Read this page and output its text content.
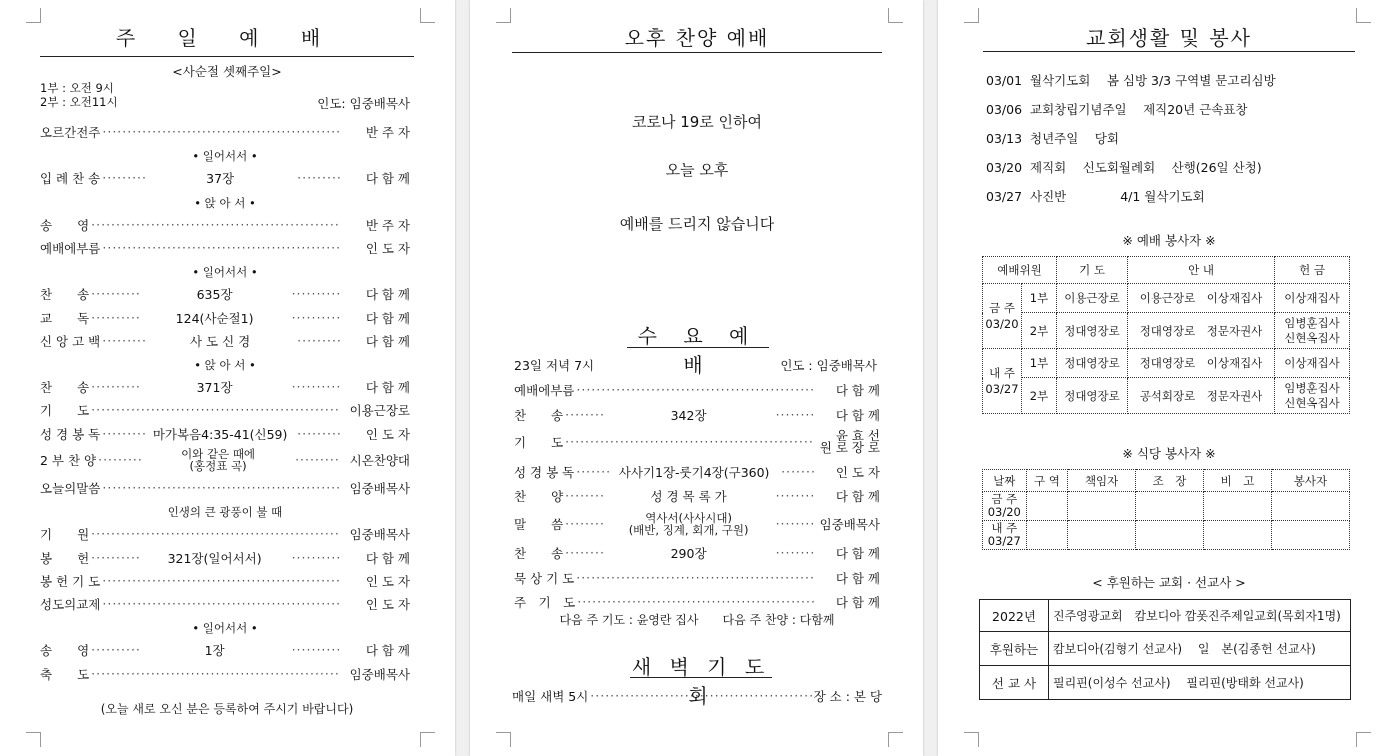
주 일 예 배
<사순절 셋째주일>
1부 : 오전 9시
2부 : 오전11시	인도: 임중배목사
오르간전주 ·····	반 주 자
• 일어서서 •
입 례 찬 송 ·····	37장 ·····	다 함 께
• 앉 아 서 •
송　　영 ·····	반 주 자
예배에부름 ·····	인 도 자
• 일어서서 •
찬　　송 ·····	635장 ·····	다 함 께
교　　독 ·····	124(사순절1) ·····	다 함 께
신 앙 고 백 ·····	사 도 신 경 ·····	다 함 께
• 앉 아 서 •
찬　　송 ·····	371장 ·····	다 함 께
기　　도 ·····	이용근장로
성 경 봉 독 ·····	마가복음4:35-41(신59) ·····	인 도 자
2 부 찬 양 ·····	이와 같은 때에
(홍정표 곡) ·····	시온찬양대
오늘의말씀 ·····	임중배목사
인생의 큰 광풍이 불 때
기　　원 ·····	임중배목사
봉　　헌 ·····	321장(일어서서) ·····	다 함 께
봉 헌 기 도 ·····	인 도 자
성도의교제 ·····	인 도 자
• 일어서서 •
송　　영 ·····	1장 ·····	다 함 께
축　　도 ·····	임중배목사
(오늘 새로 오신 분은 등록하여 주시기 바랍니다)
오후 찬양 예배
코로나 19로 인하여
오늘 오후
예배를 드리지 않습니다
수 요 예 배
23일 저녁 7시	인도 : 임중배목사
예배에부름 ·····	다 함 께
찬　　송 ·····	342장 ·····	다 함 께
기　　도 ·····	윤 효 선
원 로 장 로
성 경 봉 독 ·····	사사기1장-룻기4장(구360) ·····	인 도 자
찬　　양 ·····	성 경 목 록 가 ·····	다 함 께
말　　씀 ·····	역사서(사사시대)
(배반, 징계, 회개, 구원) ·····	임중배목사
찬　　송 ·····	290장 ·····	다 함 께
묵 상 기 도 ·····	다 함 께
주　기　도 ·····	다 함 께
다음 주 기도 : 윤영란 집사　　다음 주 찬양 : 다함께
새 벽 기 도 회
매일 새벽 5시 ·····	장 소 : 본 당
교회생활 및 봉사
03/01 월삭기도회　 봄 심방 3/3 구역별 문고리심방
03/06 교회창립기념주일　 제직20년 근속표창
03/13 청년주일　 당회
03/20 제직회　 신도회월례회　 산행(26일 산청)
03/27 사진반　　　　 4/1 월삭기도회
※ 예배 봉사자 ※
예배위원		기 도	안 내	헌 금
금 주
03/20	1부	이용근장로	이용근장로　이상재집사	이상재집사
	2부	정대영장로	정대영장로　정문자권사	임병훈집사
신현옥집사
내 주
03/27	1부	정대영장로	정대영장로　이상재집사	이상재집사
	2부	정대영장로	공석회장로　정문자권사	임병훈집사
신현옥집사
※ 식당 봉사자 ※
날짜	구 역	책임자	조　장	비　고	봉사자
금 주
03/20					
내 주
03/27					
< 후원하는 교회 · 선교사 >
2022년	진주영광교회　캄보디아 깜폿진주제일교회(목회자1명)
후원하는	캄보디아(김형기 선교사)　 일　본(김종헌 선교사)
선 교 사	필리핀(이성수 선교사)　 필리핀(방태화 선교사)
